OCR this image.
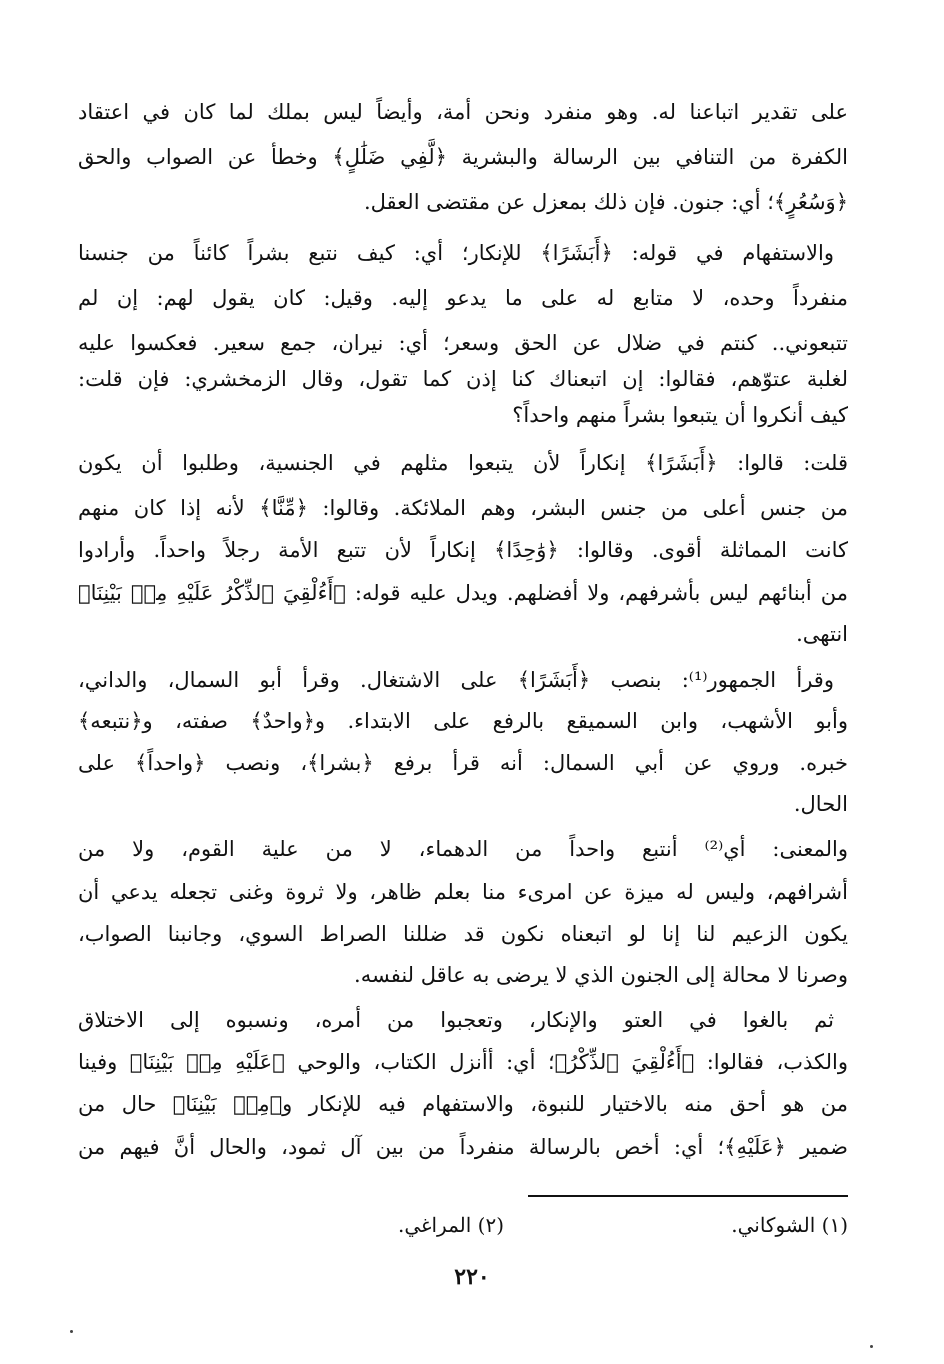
على تقدير اتباعنا له. وهو منفرد ونحن أمة، وأيضاً ليس بملك لما كان في اعتقاد
الكفرة من التنافي بين الرسالة والبشرية ﴿لَّفِي ضَلَٰلٍ﴾ وخطأ عن الصواب والحق
﴿وَسُعُرٍ﴾؛ أي: جنون. فإن ذلك بمعزل عن مقتضى العقل.
والاستفهام في قوله: ﴿أَبَشَرًا﴾ للإنكار؛ أي: كيف نتبع بشراً كائناً من جنسنا
منفرداً وحده، لا متابع له على ما يدعو إليه. وقيل: كان يقول لهم: إن لم
تتبعوني.. كنتم في ضلال عن الحق وسعر؛ أي: نيران، جمع سعير. فعكسوا عليه
لغلبة عتوّهم، فقالوا: إن اتبعناك كنا إذن كما تقول، وقال الزمخشري: فإن قلت:
كيف أنكروا أن يتبعوا بشراً منهم واحداً؟
قلت: قالوا: ﴿أَبَشَرًا﴾ إنكاراً لأن يتبعوا مثلهم في الجنسية، وطلبوا أن يكون
من جنس أعلى من جنس البشر، وهم الملائكة. وقالوا: ﴿مِّنَّا﴾ لأنه إذا كان منهم
كانت المماثلة أقوى. وقالوا: ﴿وَٰحِدًا﴾ إنكاراً لأن تتبع الأمة رجلاً واحداً. وأرادوا
من أبنائهم ليس بأشرفهم، ولا أفضلهم. ويدل عليه قوله: ﴿أَءُلْقِيَ ٱلذِّكْرُ عَلَيْهِ مِنۢ بَيْنِنَا﴾
انتهى.
وقرأ الجمهور⁽¹⁾: بنصب ﴿أَبَشَرًا﴾ على الاشتغال. وقرأ أبو السمال، والداني،
وأبو الأشهب، وابن السميقع بالرفع على الابتداء. و﴿واحدٌ﴾ صفته، و﴿نتبعه﴾
خبره. وروي عن أبي السمال: أنه قرأ برفع ﴿بشرا﴾، ونصب ﴿واحداً﴾ على
الحال.
والمعنى: أي⁽²⁾ أنتبع واحداً من الدهماء، لا من علية القوم، ولا من
أشرافهم، وليس له ميزة عن امرىء منا بعلم ظاهر، ولا ثروة وغنى تجعله يدعي أن
يكون الزعيم لنا إنا لو اتبعناه نكون قد ضللنا الصراط السوي، وجانبنا الصواب،
وصرنا لا محالة إلى الجنون الذي لا يرضى به عاقل لنفسه.
ثم بالغوا في العتو والإنكار، وتعجبوا من أمره، ونسبوه إلى الاختلاق
والكذب، فقالوا: ﴿أَءُلْقِيَ ٱلذِّكْرُ﴾؛ أي: أأنزل الكتاب، والوحي ﴿عَلَيْهِ مِنۢ بَيْنِنَا﴾ وفينا
من هو أحق منه بالاختيار للنبوة، والاستفهام فيه للإنكار و﴿مِنۢ بَيْنِنَا﴾ حال من
ضمير ﴿عَلَيْهِ﴾؛ أي: أخص بالرسالة منفرداً من بين آل ثمود، والحال أنَّ فيهم من
(١) الشوكاني.
(٢) المراغي.
٢٢٠
